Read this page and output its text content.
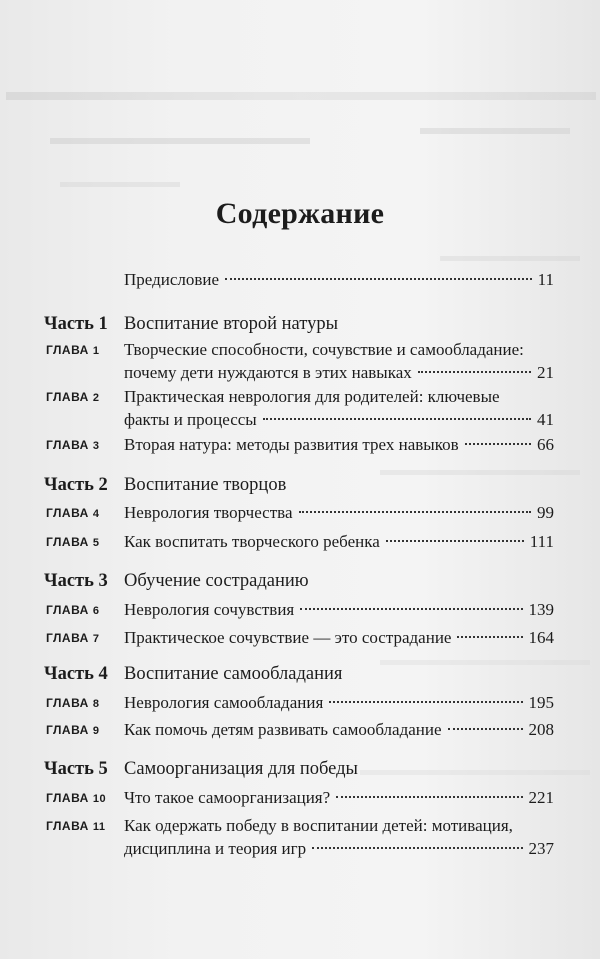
Содержание
Предисловие	11
Часть 1 Воспитание второй натуры
ГЛАВА 1 Творческие способности, сочувствие и самообладание:
почему дети нуждаются в этих навыках	21
ГЛАВА 2 Практическая неврология для родителей: ключевые
факты и процессы	41
ГЛАВА 3 Вторая натура: методы развития трех навыков	66
Часть 2 Воспитание творцов
ГЛАВА 4 Неврология творчества	99
ГЛАВА 5 Как воспитать творческого ребенка	111
Часть 3 Обучение состраданию
ГЛАВА 6 Неврология сочувствия	139
ГЛАВА 7 Практическое сочувствие — это сострадание	164
Часть 4 Воспитание самообладания
ГЛАВА 8 Неврология самообладания	195
ГЛАВА 9 Как помочь детям развивать самообладание	208
Часть 5 Самоорганизация для победы
ГЛАВА 10 Что такое самоорганизация?	221
ГЛАВА 11 Как одержать победу в воспитании детей: мотивация,
дисциплина и теория игр	237
